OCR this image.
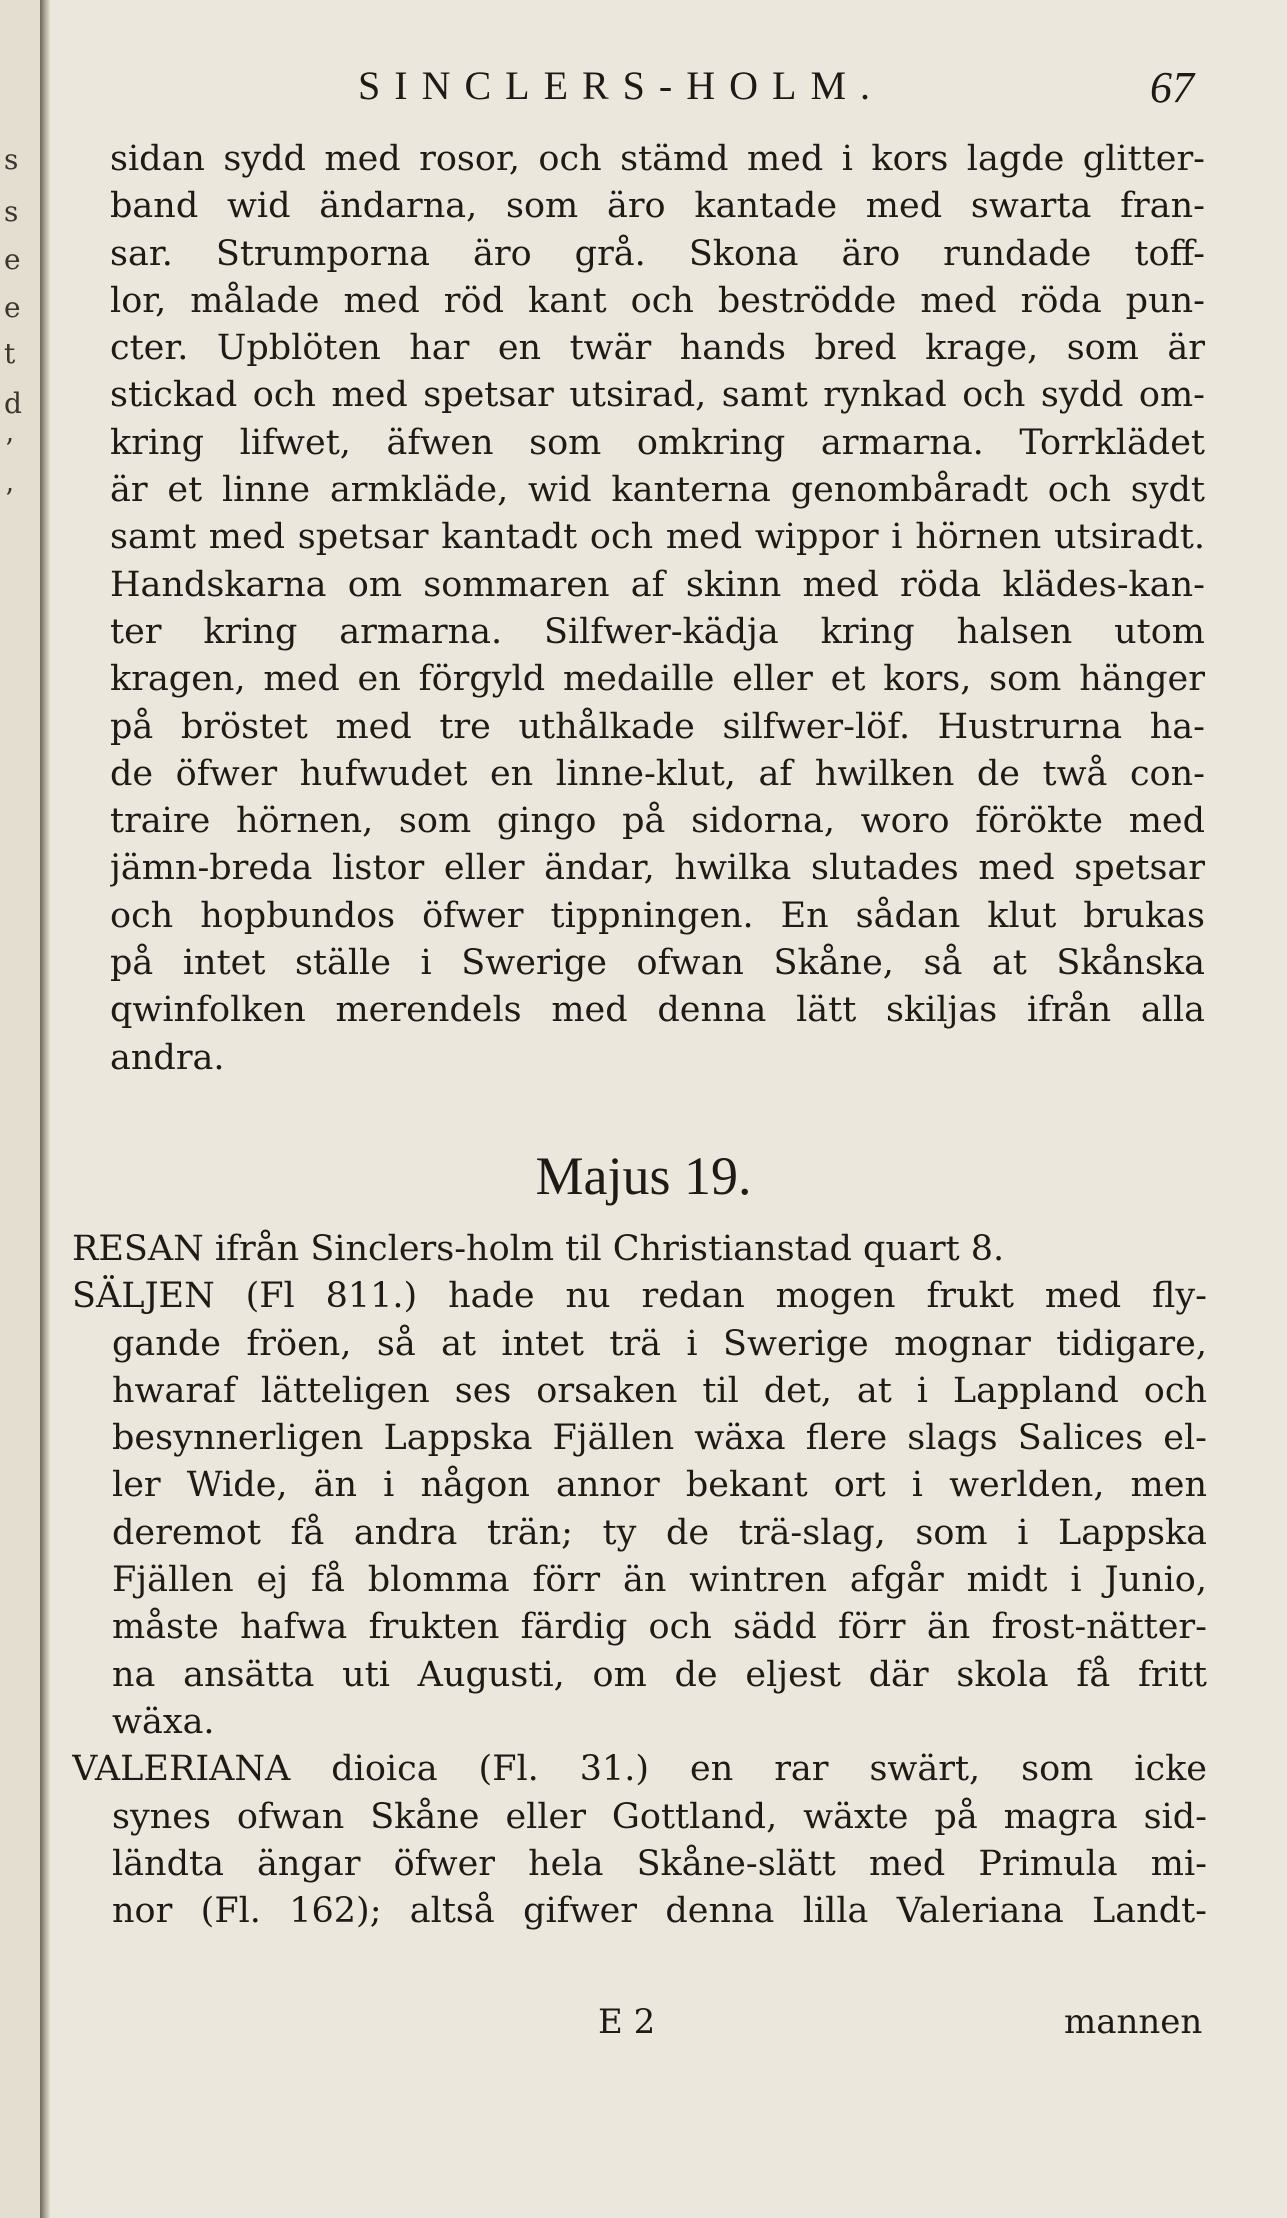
s
s
e
e
t
d
ʼ
ʼ
SINCLERS-HOLM.	67
sidan sydd med rosor, och stämd med i kors lagde glitter-
band wid ändarna, som äro kantade med swarta fran-
sar. Strumporna äro grå. Skona äro rundade toff-
lor, målade med röd kant och beströdde med röda pun-
cter. Upblöten har en twär hands bred krage, som är
stickad och med spetsar utsirad, samt rynkad och sydd om-
kring lifwet, äfwen som omkring armarna. Torrklädet
är et linne armkläde, wid kanterna genombåradt och sydt
samt med spetsar kantadt och med wippor i hörnen utsiradt.
Handskarna om sommaren af skinn med röda klädes-kan-
ter kring armarna. Silfwer-kädja kring halsen utom
kragen, med en förgyld medaille eller et kors, som hänger
på bröstet med tre uthålkade silfwer-löf. Hustrurna ha-
de öfwer hufwudet en linne-klut, af hwilken de twå con-
traire hörnen, som gingo på sidorna, woro förökte med
jämn-breda listor eller ändar, hwilka slutades med spetsar
och hopbundos öfwer tippningen. En sådan klut brukas
på intet ställe i Swerige ofwan Skåne, så at Skånska
qwinfolken merendels med denna lätt skiljas ifrån alla
andra.
Majus 19.
RESAN ifrån Sinclers-holm til Christianstad quart 8.
SÄLJEN (Fl 811.) hade nu redan mogen frukt med fly-
gande fröen, så at intet trä i Swerige mognar tidigare,
hwaraf lätteligen ses orsaken til det, at i Lappland och
besynnerligen Lappska Fjällen wäxa flere slags Salices el-
ler Wide, än i någon annor bekant ort i werlden, men
deremot få andra trän; ty de trä-slag, som i Lappska
Fjällen ej få blomma förr än wintren afgår midt i Junio,
måste hafwa frukten färdig och sädd förr än frost-nätter-
na ansätta uti Augusti, om de eljest där skola få fritt
wäxa.
VALERIANA dioica (Fl. 31.) en rar swärt, som icke
synes ofwan Skåne eller Gottland, wäxte på magra sid-
ländta ängar öfwer hela Skåne-slätt med Primula mi-
nor (Fl. 162); altså gifwer denna lilla Valeriana Landt-
E 2	mannen
